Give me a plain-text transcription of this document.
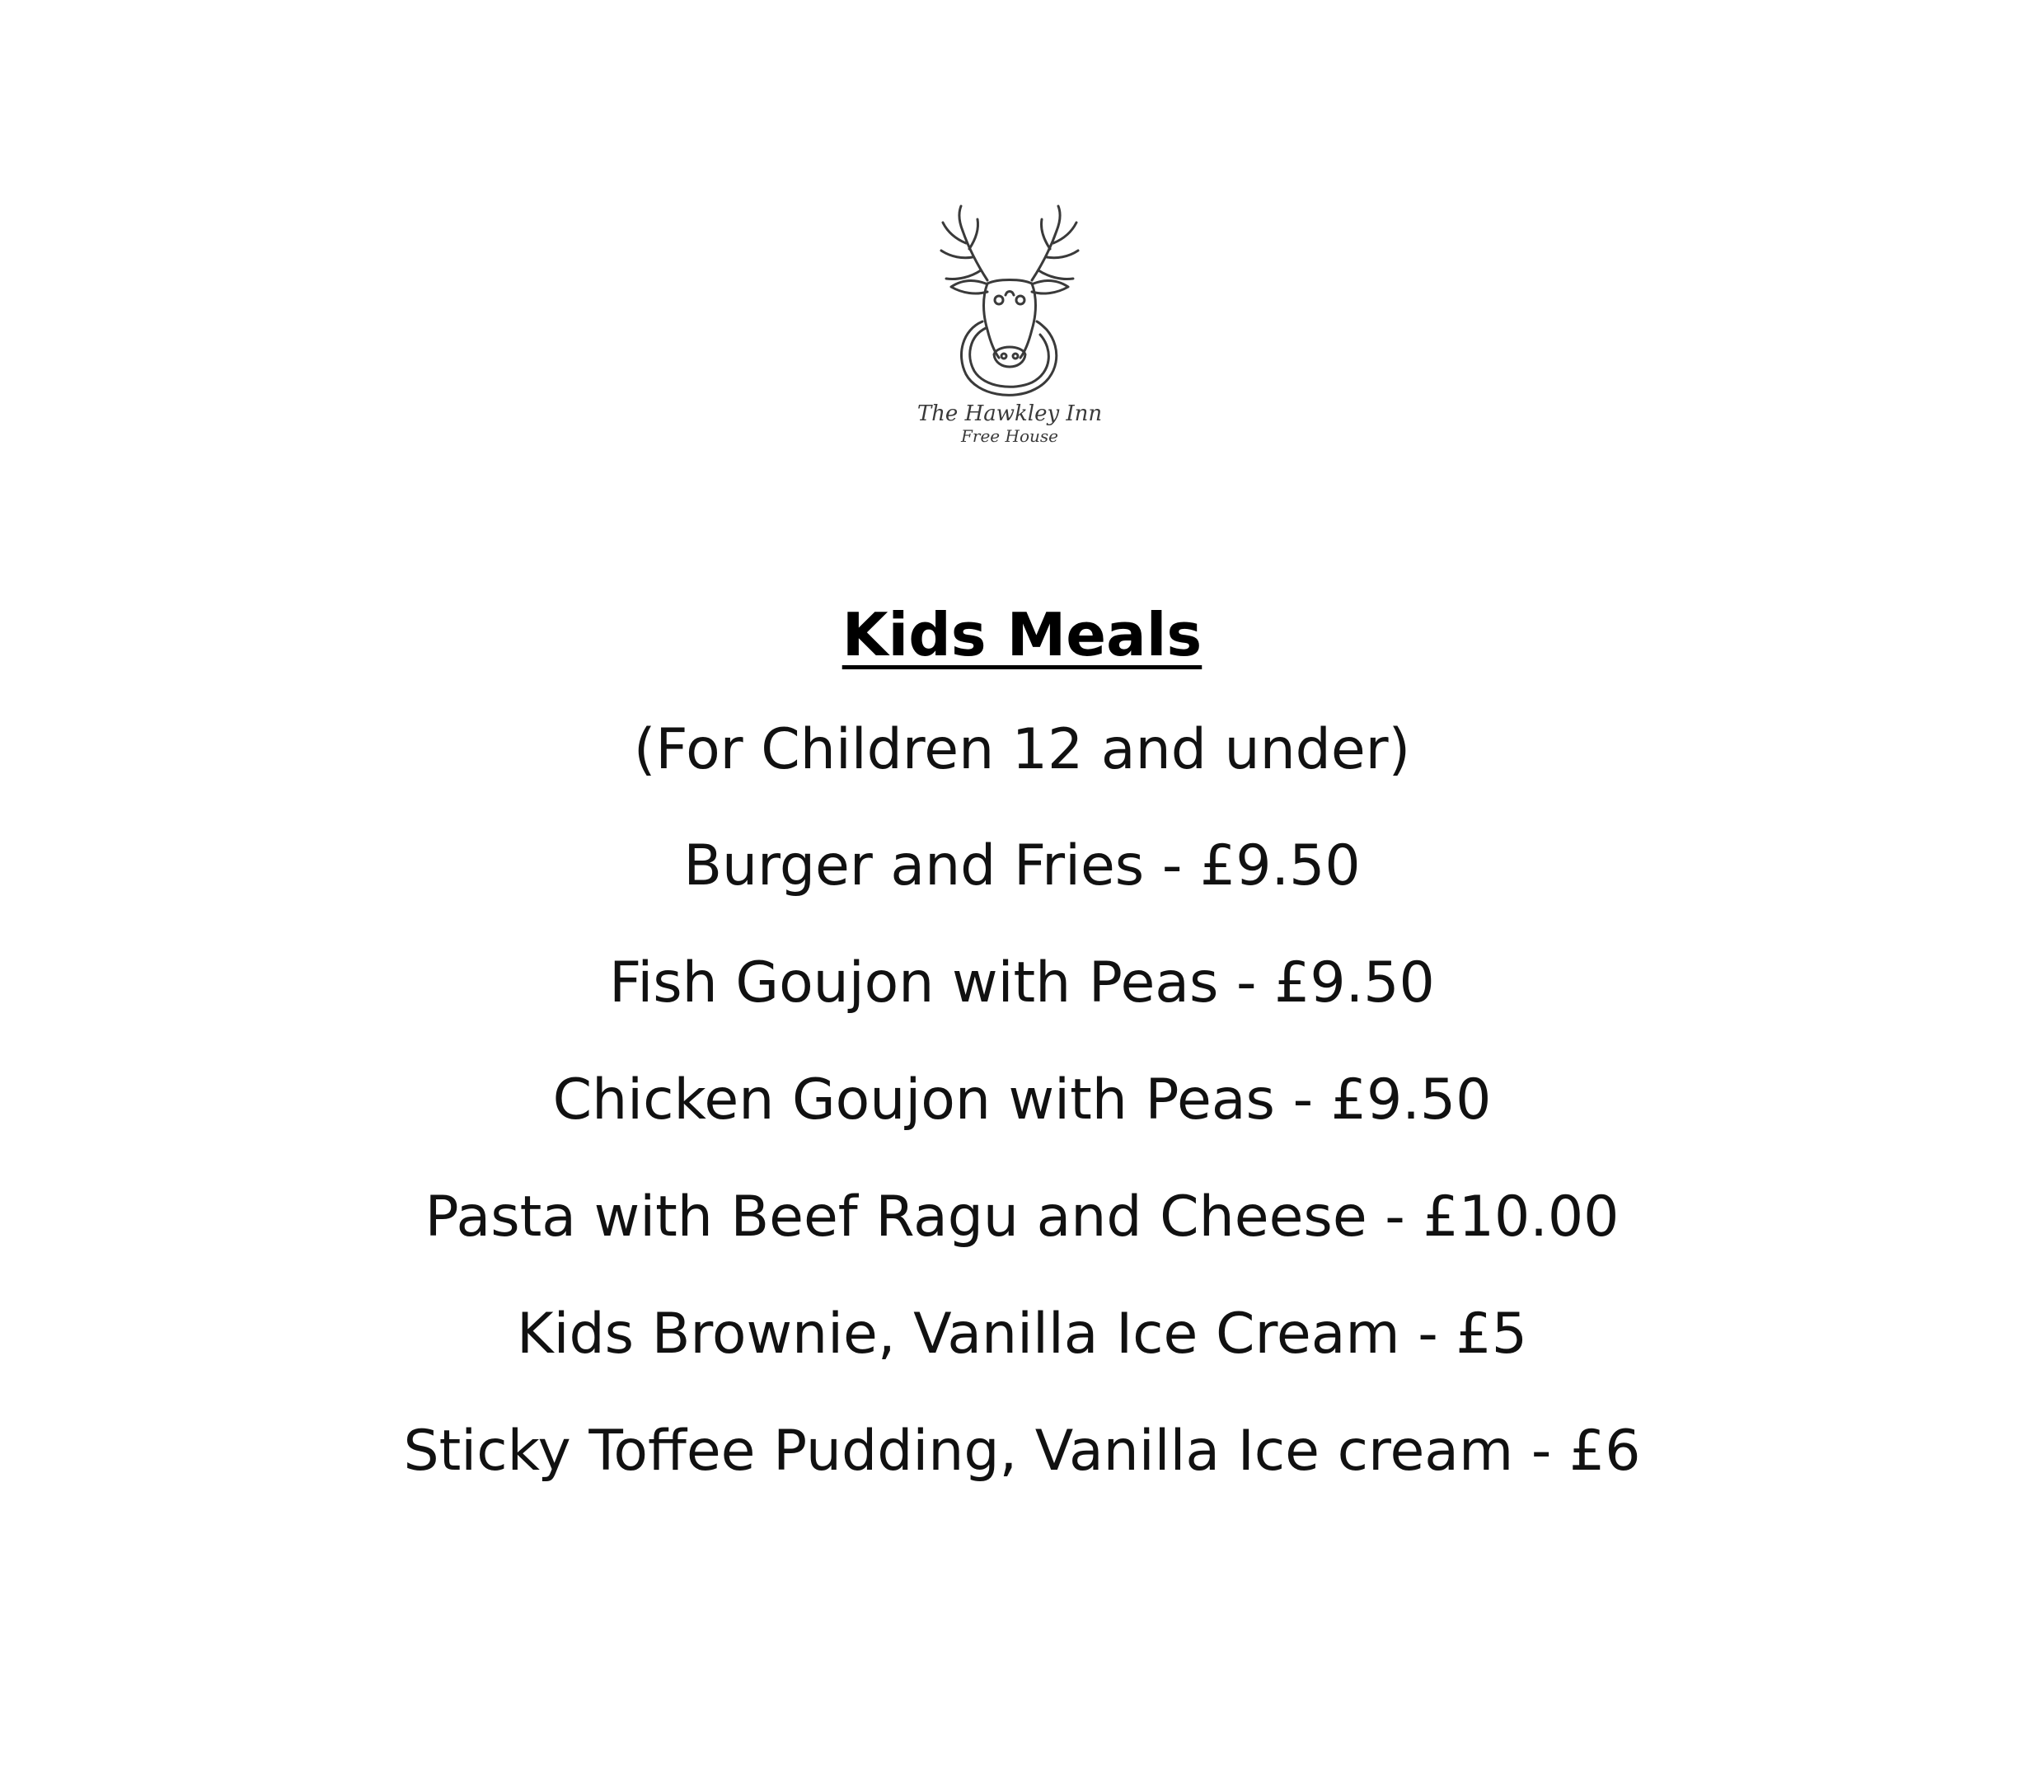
The Hawkley Inn
Free House
Kids Meals

(For Children 12 and under)

Burger and Fries - £9.50
Fish Goujon with Peas - £9.50
Chicken Goujon with Peas - £9.50
Pasta with Beef Ragu and Cheese - £10.00
Kids Brownie, Vanilla Ice Cream - £5
Sticky Toffee Pudding, Vanilla Ice cream - £6
